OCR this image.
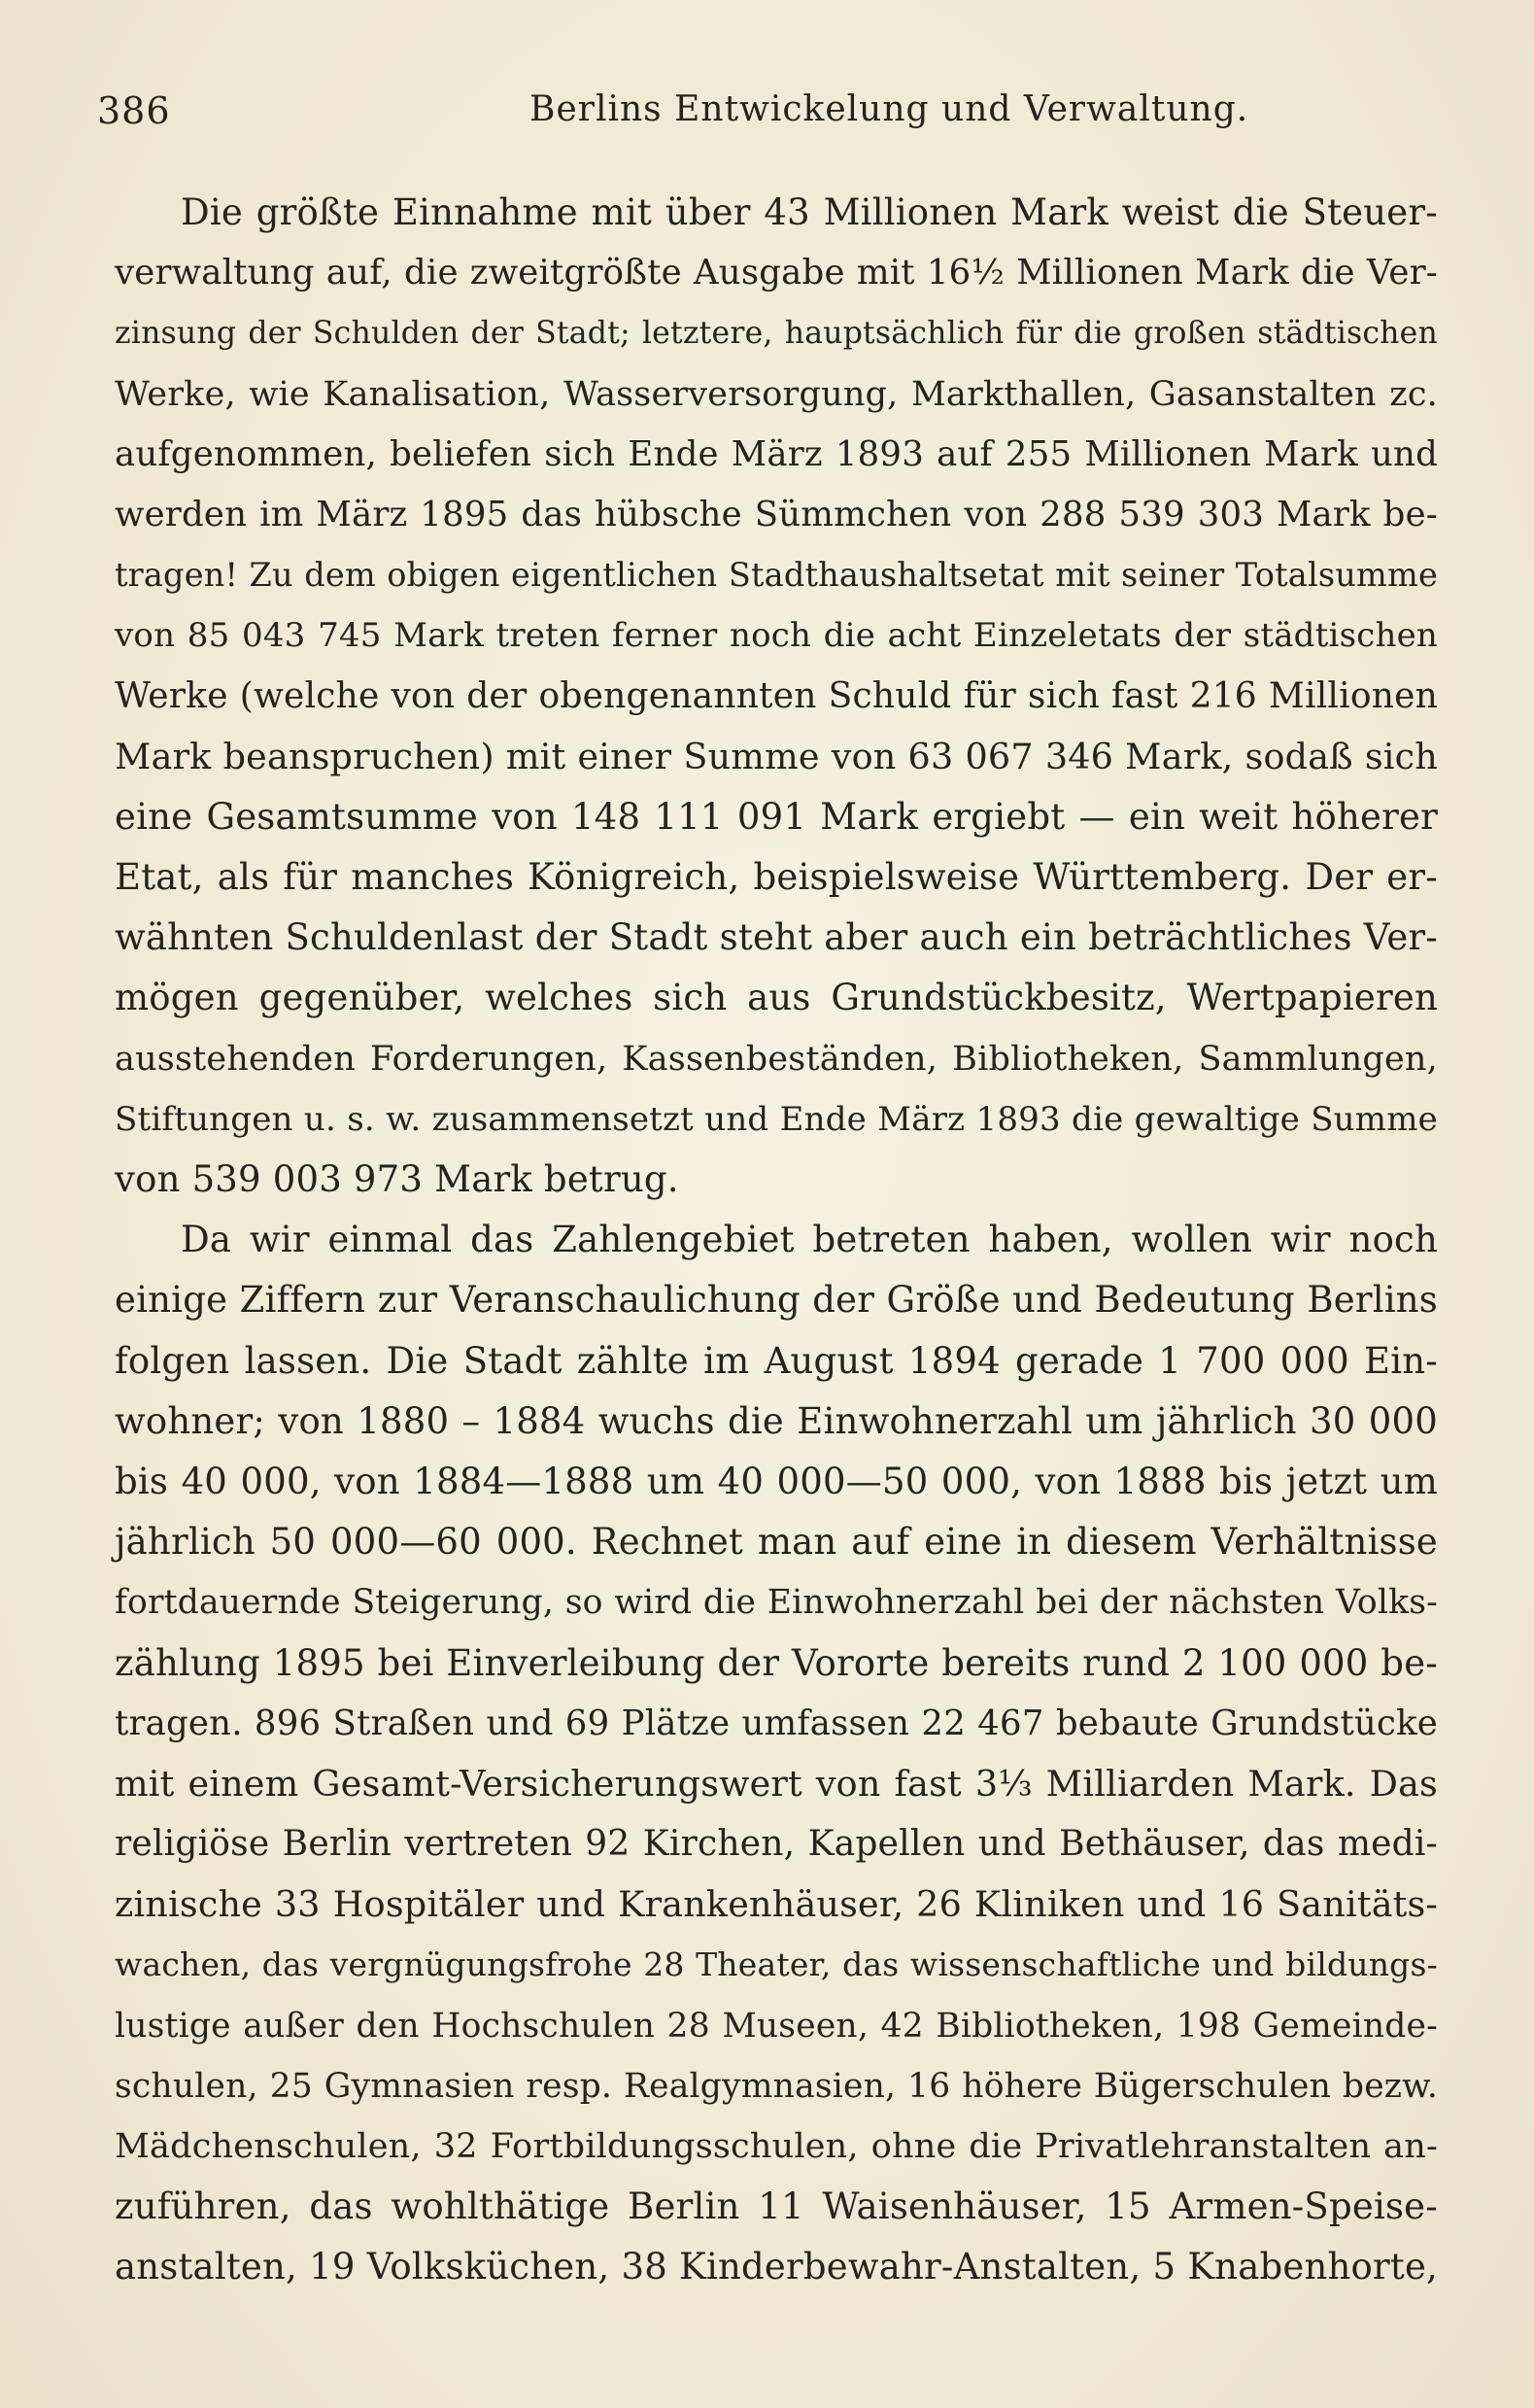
386	Berlins Entwickelung und Verwaltung.
Die größte Einnahme mit über 43 Millionen Mark weist die Steuer-
verwaltung auf, die zweitgrößte Ausgabe mit 16½ Millionen Mark die Ver-
zinsung der Schulden der Stadt; letztere, hauptsächlich für die großen städtischen
Werke, wie Kanalisation, Wasserversorgung, Markthallen, Gasanstalten zc.
aufgenommen, beliefen sich Ende März 1893 auf 255 Millionen Mark und
werden im März 1895 das hübsche Sümmchen von 288 539 303 Mark be-
tragen! Zu dem obigen eigentlichen Stadthaushaltsetat mit seiner Totalsumme
von 85 043 745 Mark treten ferner noch die acht Einzeletats der städtischen
Werke (welche von der obengenannten Schuld für sich fast 216 Millionen
Mark beanspruchen) mit einer Summe von 63 067 346 Mark, sodaß sich
eine Gesamtsumme von 148 111 091 Mark ergiebt — ein weit höherer
Etat, als für manches Königreich, beispielsweise Württemberg. Der er-
wähnten Schuldenlast der Stadt steht aber auch ein beträchtliches Ver-
mögen gegenüber, welches sich aus Grundstückbesitz, Wertpapieren
ausstehenden Forderungen, Kassenbeständen, Bibliotheken, Sammlungen,
Stiftungen u. s. w. zusammensetzt und Ende März 1893 die gewaltige Summe
von 539 003 973 Mark betrug.
Da wir einmal das Zahlengebiet betreten haben, wollen wir noch
einige Ziffern zur Veranschaulichung der Größe und Bedeutung Berlins
folgen lassen. Die Stadt zählte im August 1894 gerade 1 700 000 Ein-
wohner; von 1880 – 1884 wuchs die Einwohnerzahl um jährlich 30 000
bis 40 000, von 1884—1888 um 40 000—50 000, von 1888 bis jetzt um
jährlich 50 000—60 000. Rechnet man auf eine in diesem Verhältnisse
fortdauernde Steigerung, so wird die Einwohnerzahl bei der nächsten Volks-
zählung 1895 bei Einverleibung der Vororte bereits rund 2 100 000 be-
tragen. 896 Straßen und 69 Plätze umfassen 22 467 bebaute Grundstücke
mit einem Gesamt-Versicherungswert von fast 3⅓ Milliarden Mark. Das
religiöse Berlin vertreten 92 Kirchen, Kapellen und Bethäuser, das medi-
zinische 33 Hospitäler und Krankenhäuser, 26 Kliniken und 16 Sanitäts-
wachen, das vergnügungsfrohe 28 Theater, das wissenschaftliche und bildungs-
lustige außer den Hochschulen 28 Museen, 42 Bibliotheken, 198 Gemeinde-
schulen, 25 Gymnasien resp. Realgymnasien, 16 höhere Bügerschulen bezw.
Mädchenschulen, 32 Fortbildungsschulen, ohne die Privatlehranstalten an-
zuführen, das wohlthätige Berlin 11 Waisenhäuser, 15 Armen-Speise-
anstalten, 19 Volksküchen, 38 Kinderbewahr-Anstalten, 5 Knabenhorte,
